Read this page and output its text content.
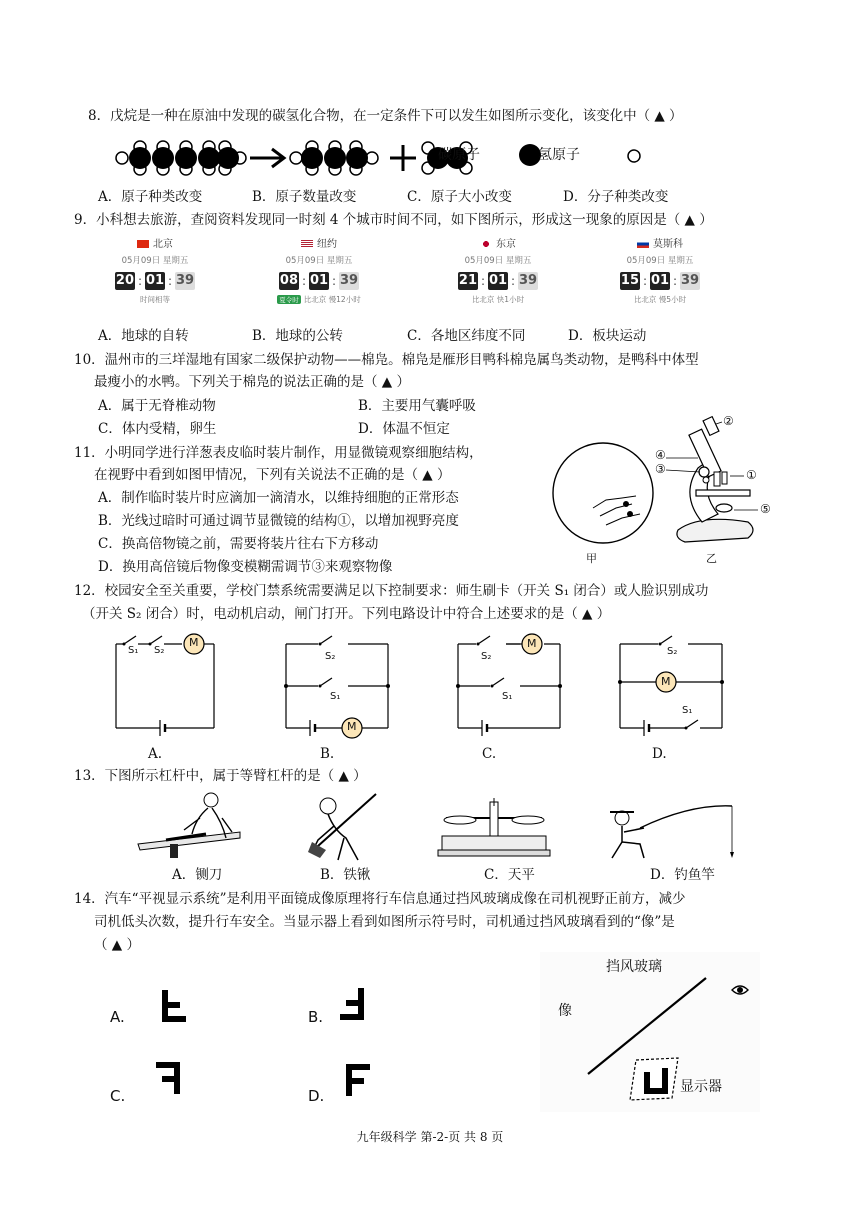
8．戊烷是一种在原油中发现的碳氢化合物，在一定条件下可以发生如图所示变化，该变化中（ ▲ ）
碳原子	氢原子
A．原子种类改变	B．原子数量改变	C．原子大小改变	D．分子种类改变
9．小科想去旅游，查阅资料发现同一时刻 4 个城市时间不同，如下图所示，形成这一现象的原因是（ ▲ ）
北京
05月09日 星期五
20 : 01 : 39
时间相等
纽约
05月09日 星期五
08 : 01 : 39
夏令时 比北京 慢12小时
东京
05月09日 星期五
21 : 01 : 39
比北京 快1小时
莫斯科
05月09日 星期五
15 : 01 : 39
比北京 慢5小时
A．地球的自转	B．地球的公转	C．各地区纬度不同	D．板块运动
10．温州市的三垟湿地有国家二级保护动物——棉凫。棉凫是雁形目鸭科棉凫属鸟类动物，是鸭科中体型
最瘦小的水鸭。下列关于棉凫的说法正确的是（ ▲ ）
A．属于无脊椎动物	B．主要用气囊呼吸
C．体内受精，卵生	D．体温不恒定
11．小明同学进行洋葱表皮临时装片制作，用显微镜观察细胞结构，
在视野中看到如图甲情况，下列有关说法不正确的是（ ▲ ）
A．制作临时装片时应滴加一滴清水，以维持细胞的正常形态
B．光线过暗时可通过调节显微镜的结构①，以增加视野亮度
C．换高倍物镜之前，需要将装片往右下方移动
D．换用高倍镜后物像变模糊需调节③来观察物像
甲
②
④
③	①
⑤
乙
12．校园安全至关重要，学校门禁系统需要满足以下控制要求：师生刷卡（开关 S₁ 闭合）或人脸识别成功
（开关 S₂ 闭合）时，电动机启动，闸门打开。下列电路设计中符合上述要求的是（ ▲ ）
S₁ S₂
M
S₂
S₁
M
S₂
S₁
M
S₂
S₁
M
A.	B.	C.	D.
13．下图所示杠杆中，属于等臂杠杆的是（ ▲ ）
A．铡刀	B．铁锹	C．天平	D．钓鱼竿
14．汽车“平视显示系统”是利用平面镜成像原理将行车信息通过挡风玻璃成像在司机视野正前方，减少
司机低头次数，提升行车安全。当显示器上看到如图所示符号时，司机通过挡风玻璃看到的“像”是
（ ▲ ）
A.	B.
C.	D.
挡风玻璃
像
显示器
九年级科学 第-2-页 共 8 页
